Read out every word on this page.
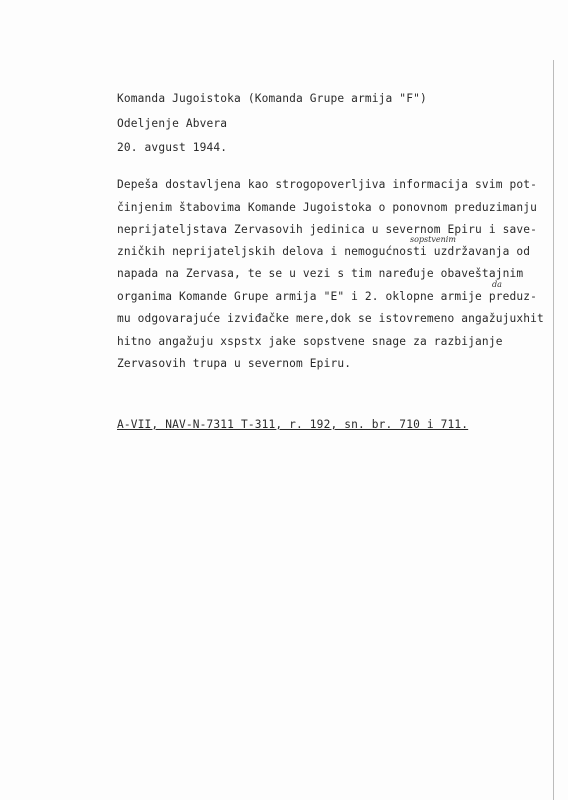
Komanda Jugoistoka (Komanda Grupe armija "F")
Odeljenje Abvera
20. avgust 1944.
Depeša dostavljena kao strogopoverljiva informacija svim pot-
činjenim štabovima Komande Jugoistoka o ponovnom preduzimanju
neprijateljstava Zervasovih jedinica u severnom Epiru i save-
sopstvenim
zničkih neprijateljskih delova i nemogućnosti uzdržavanja od
napada na Zervasa, te se u vezi s tim naređuje obaveštajnim
da
organima Komande Grupe armija "E" i 2. oklopne armije preduz-
mu odgovarajuće izviđačke mere,dok se istovremeno angažujuxhit
hitno angažuju xspstx jake sopstvene snage za razbijanje
Zervasovih trupa u severnom Epiru.
A-VII, NAV-N-7311 T-311, r. 192, sn. br. 710 i 711.
